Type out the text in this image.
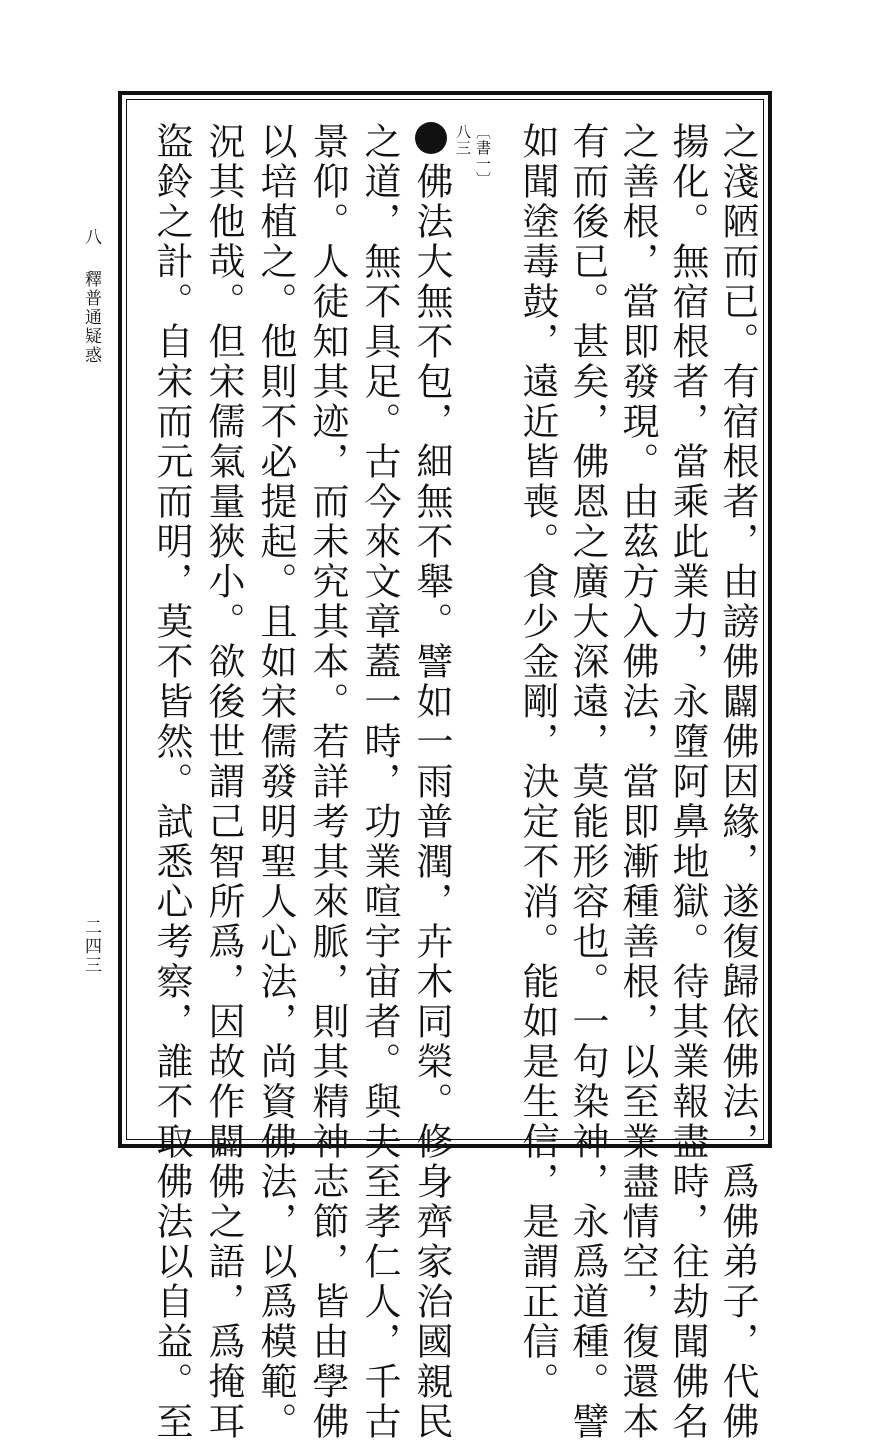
八
釋普通疑惑
二四三	之淺陋而已。有宿根者，由謗佛闢佛因緣，遂復歸依佛法，爲佛弟子，代佛
揚化。無宿根者，當乘此業力，永墮阿鼻地獄。待其業報盡時，往劫聞佛名
之善根，當即發現。由茲方入佛法，當即漸種善根，以至業盡情空，復還本
有而後已。甚矣，佛恩之廣大深遠，莫能形容也。一句染神，永爲道種。譬
如聞塗毒鼓，遠近皆喪。食少金剛，決定不消。能如是生信，是謂正信。
〔書一〕
八三
佛法大無不包，細無不舉。譬如一雨普潤，卉木同榮。修身齊家治國親民
之道，無不具足。古今來文章蓋一時，功業喧宇宙者。與夫至孝仁人，千古
景仰。人徒知其迹，而未究其本。若詳考其來脈，則其精神志節，皆由學佛
以培植之。他則不必提起。且如宋儒發明聖人心法，尚資佛法，以爲模範。
況其他哉。但宋儒氣量狹小。欲後世謂己智所爲，因故作闢佛之語，爲掩耳
盜鈴之計。自宋而元而明，莫不皆然。試悉心考察，誰不取佛法以自益。至
